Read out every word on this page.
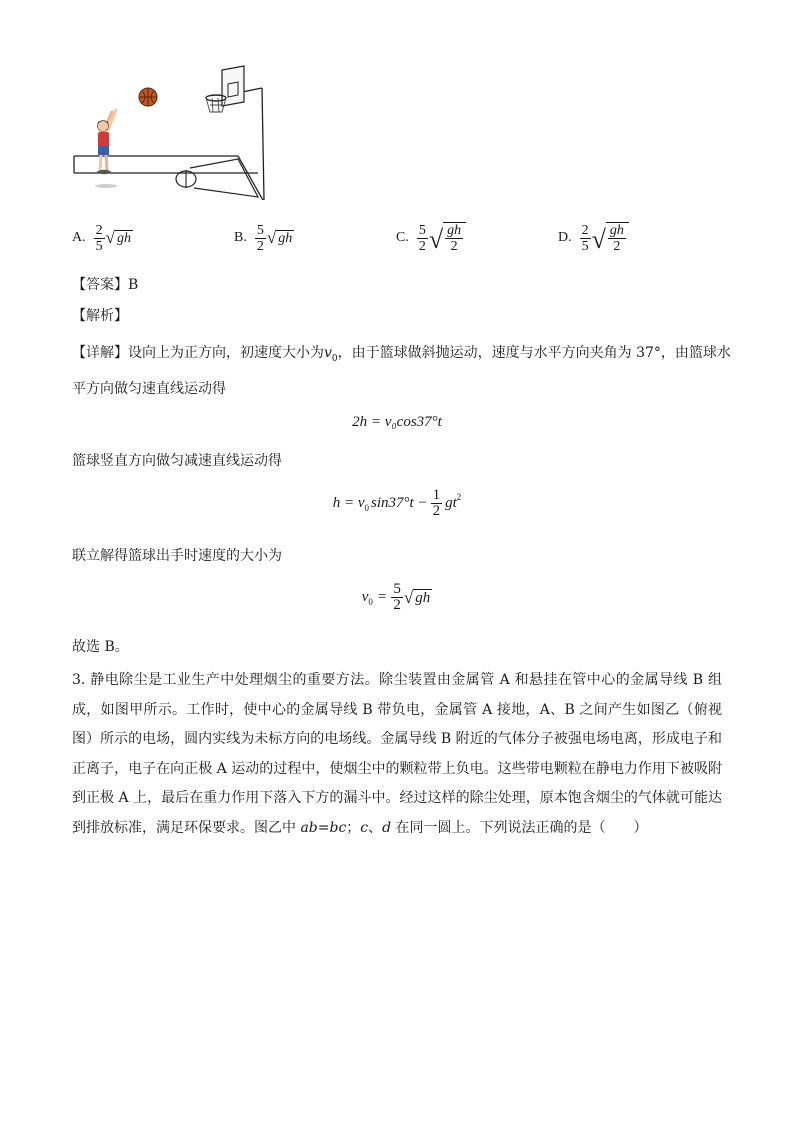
A. $\frac{2}{5}$ √ gh	B. $\frac{5}{2}$ √ gh	C. $\frac{5}{2}$ √ $\frac{gh}{2}$	D. $\frac{2}{5}$ √ $\frac{gh}{2}$
【答案】B
【解析】
【详解】设向上为正方向，初速度大小为$v_0$，由于篮球做斜抛运动，速度与水平方向夹角为 37°，由篮球水
平方向做匀速直线运动得
2h = v₀cos37°t
篮球竖直方向做匀减速直线运动得
$h = v_0$ $\sin 37^\circ t - \frac{1}{2} gt^2$
联立解得篮球出手时速度的大小为
$v_0 = \frac{5}{2}$ √ gh
故选 B。
3. 静电除尘是工业生产中处理烟尘的重要方法。除尘装置由金属管 A 和悬挂在管中心的金属导线 B 组成，如图甲所示。工作时，使中心的金属导线 B 带负电，金属管 A 接地，A、B 之间产生如图乙（俯视图）所示的电场，圆内实线为未标方向的电场线。金属导线 B 附近的气体分子被强电场电离，形成电子和正离子，电子在向正极 A 运动的过程中，使烟尘中的颗粒带上负电。这些带电颗粒在静电力作用下被吸附到正极 A 上，最后在重力作用下落入下方的漏斗中。经过这样的除尘处理，原本饱含烟尘的气体就可能达到排放标准，满足环保要求。图乙中 ab=bc；c、d 在同一圆上。下列说法正确的是（　　）
